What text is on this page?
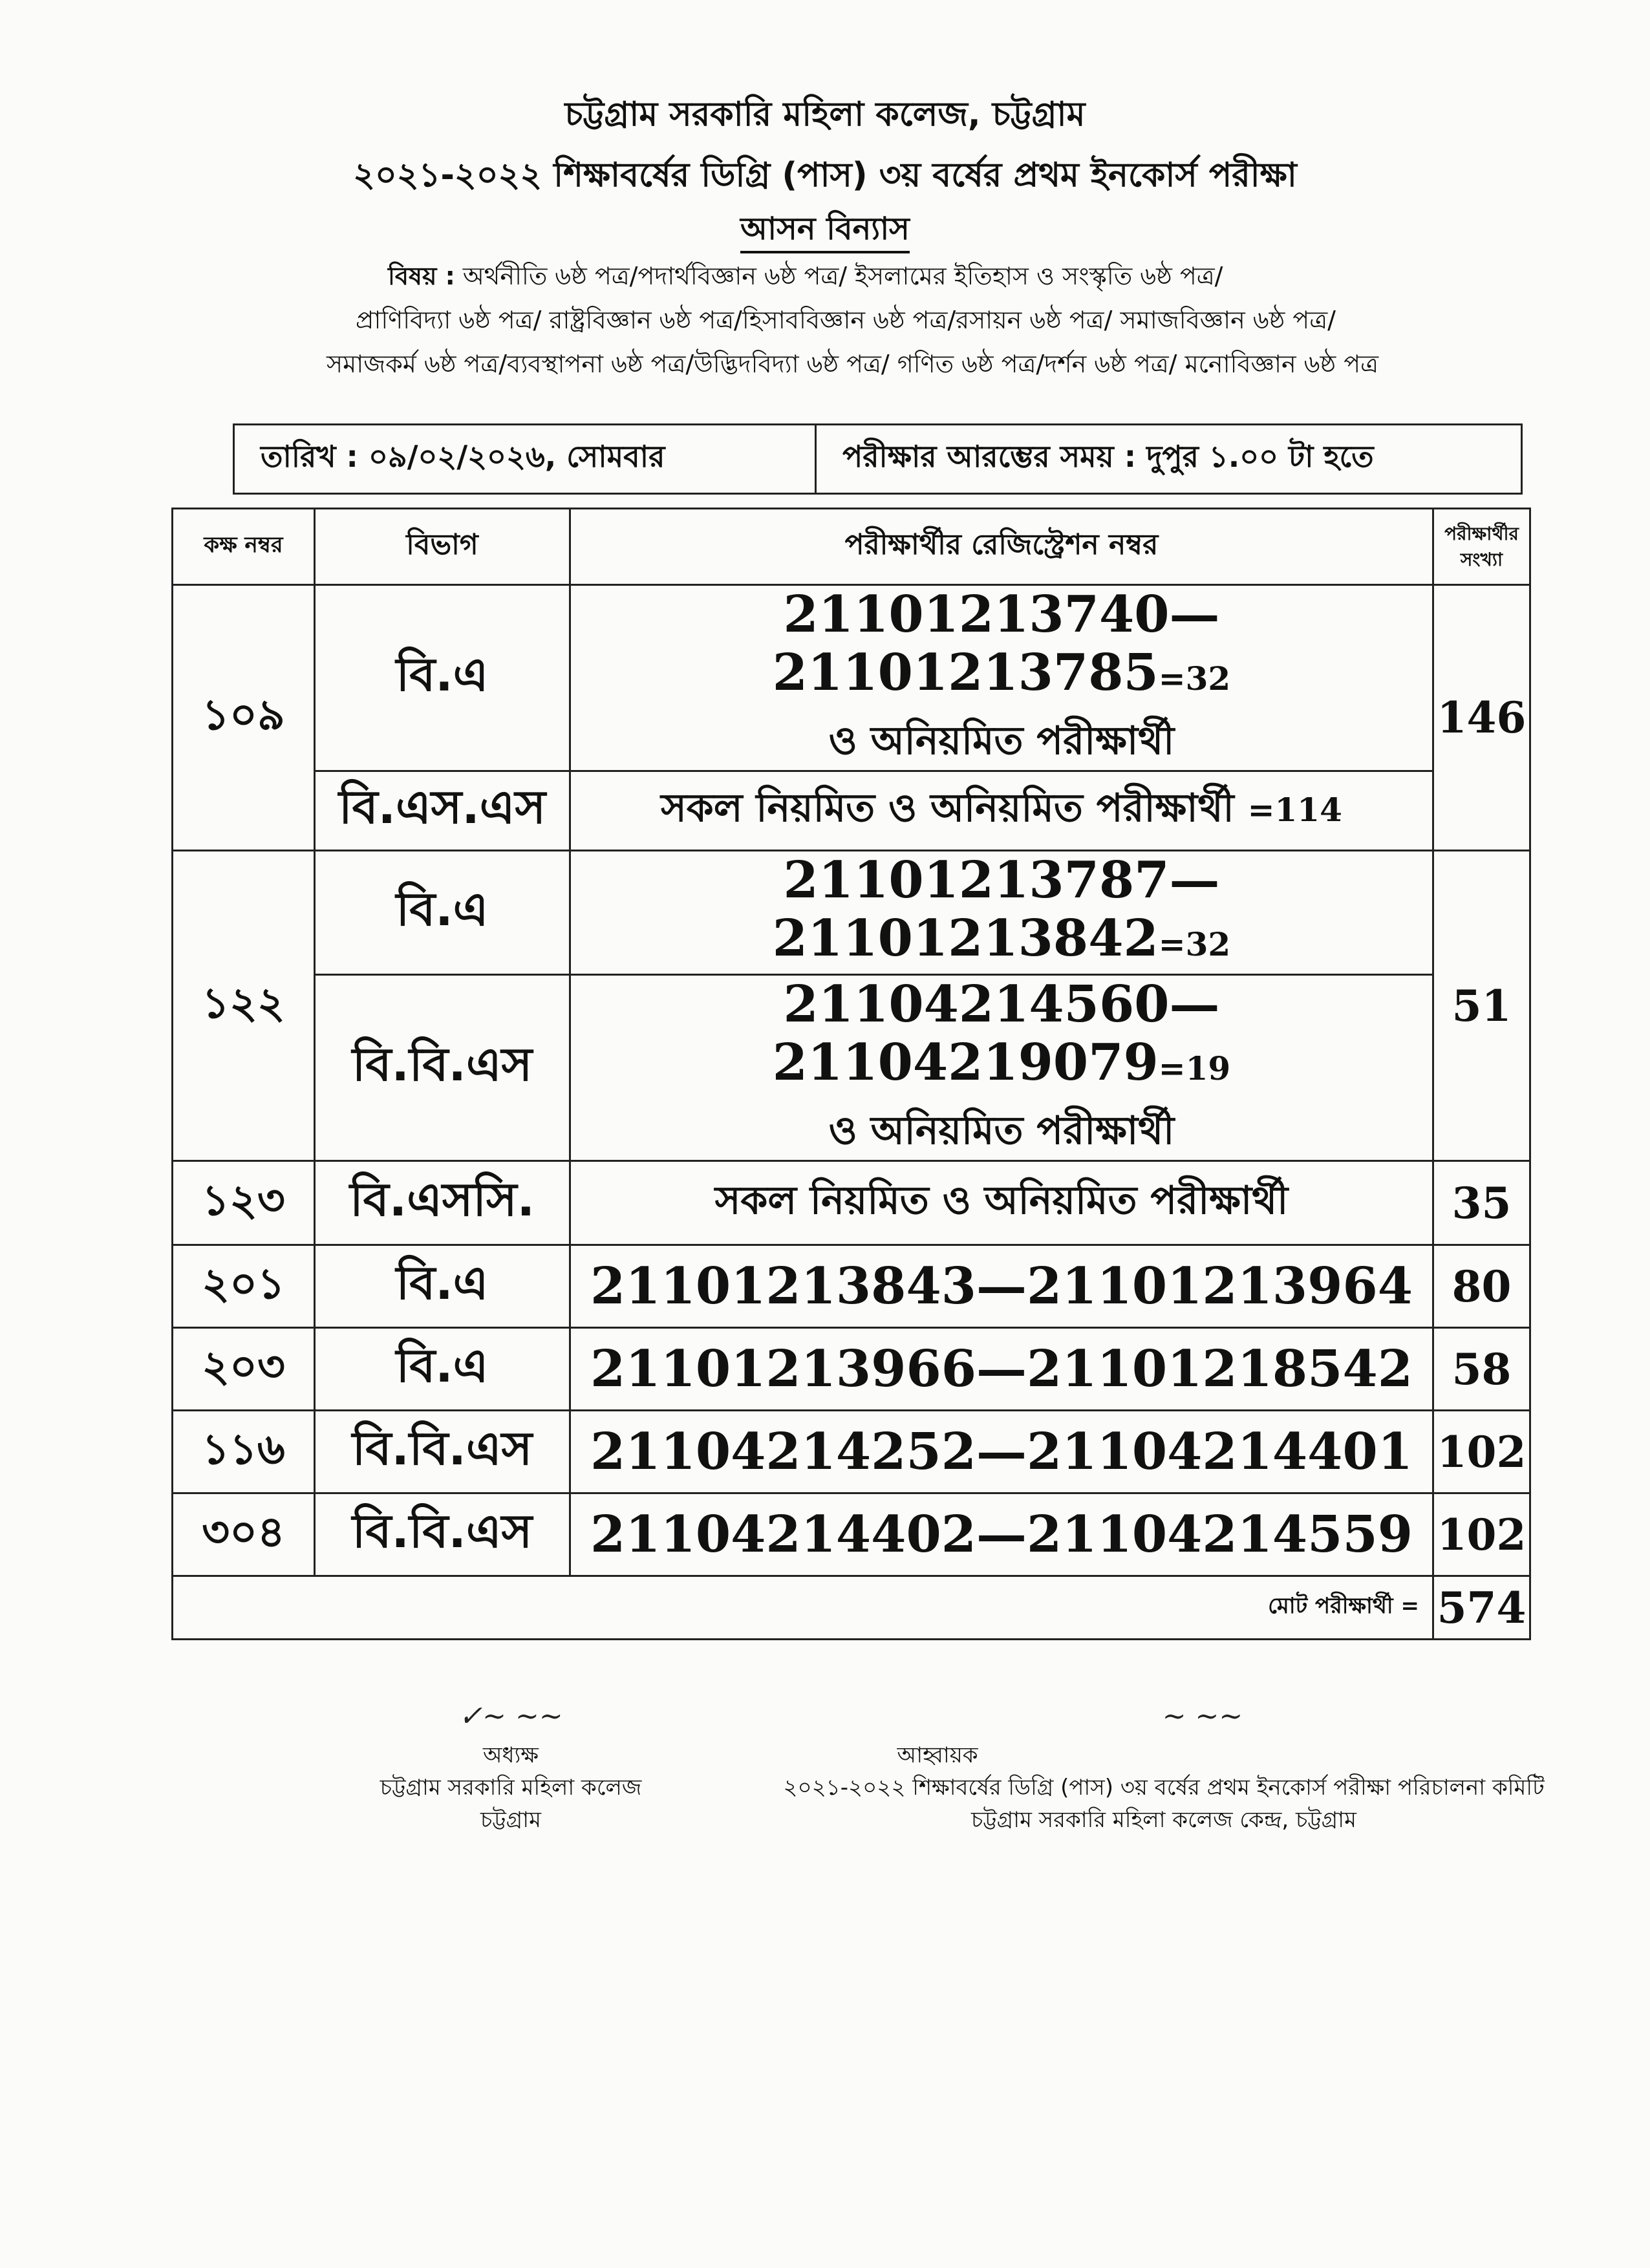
চট্টগ্রাম সরকারি মহিলা কলেজ, চট্টগ্রাম
২০২১-২০২২ শিক্ষাবর্ষের ডিগ্রি (পাস) ৩য় বর্ষের প্রথম ইনকোর্স পরীক্ষা
আসন বিন্যাস
বিষয় : অর্থনীতি ৬ষ্ঠ পত্র/পদার্থবিজ্ঞান ৬ষ্ঠ পত্র/ ইসলামের ইতিহাস ও সংস্কৃতি ৬ষ্ঠ পত্র/
প্রাণিবিদ্যা ৬ষ্ঠ পত্র/ রাষ্ট্রবিজ্ঞান ৬ষ্ঠ পত্র/হিসাববিজ্ঞান ৬ষ্ঠ পত্র/রসায়ন ৬ষ্ঠ পত্র/ সমাজবিজ্ঞান ৬ষ্ঠ পত্র/
সমাজকর্ম ৬ষ্ঠ পত্র/ব্যবস্থাপনা ৬ষ্ঠ পত্র/উদ্ভিদবিদ্যা ৬ষ্ঠ পত্র/ গণিত ৬ষ্ঠ পত্র/দর্শন ৬ষ্ঠ পত্র/ মনোবিজ্ঞান ৬ষ্ঠ পত্র
তারিখ : ০৯/০২/২০২৬, সোমবার	পরীক্ষার আরম্ভের সময় : দুপুর ১.০০ টা হতে
কক্ষ নম্বর	বিভাগ	পরীক্ষার্থীর রেজিস্ট্রেশন নম্বর	পরীক্ষার্থীর সংখ্যা
১০৯	বি.এ	21101213740—21101213785=32
ও অনিয়মিত পরীক্ষার্থী	146
	বি.এস.এস	সকল নিয়মিত ও অনিয়মিত পরীক্ষার্থী =114	
১২২	বি.এ	21101213787—21101213842=32	51
	বি.বি.এস	21104214560—21104219079=19
ও অনিয়মিত পরীক্ষার্থী	
১২৩	বি.এসসি.	সকল নিয়মিত ও অনিয়মিত পরীক্ষার্থী	35
২০১	বি.এ	21101213843—21101213964	80
২০৩	বি.এ	21101213966—21101218542	58
১১৬	বি.বি.এস	21104214252—21104214401	102
৩০৪	বি.বি.এস	21104214402—21104214559	102
মোট পরীক্ষার্থী =			574
✓~ ~~
অধ্যক্ষ
চট্টগ্রাম সরকারি মহিলা কলেজ
চট্টগ্রাম
~ ~~
আহ্বায়ক
২০২১-২০২২ শিক্ষাবর্ষের ডিগ্রি (পাস) ৩য় বর্ষের প্রথম ইনকোর্স পরীক্ষা পরিচালনা কমিটি
চট্টগ্রাম সরকারি মহিলা কলেজ কেন্দ্র, চট্টগ্রাম
